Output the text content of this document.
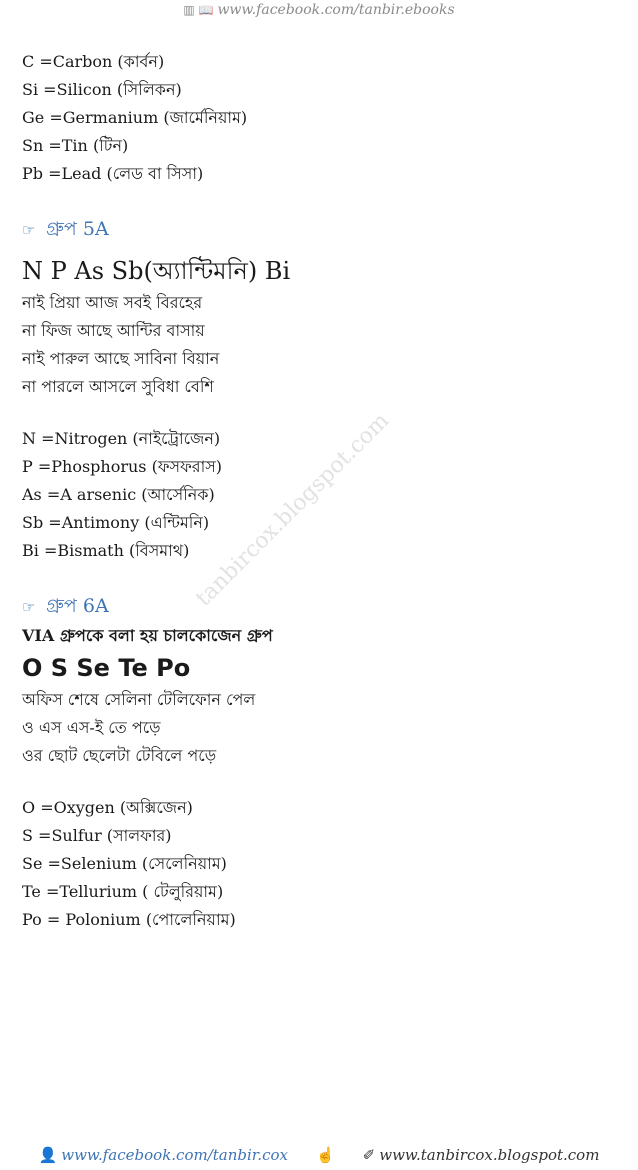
▥ 📖 www.facebook.com/tanbir.ebooks
tanbircox.blogspot.com
C =Carbon (কার্বন)
Si =Silicon (সিলিকন)
Ge =Germanium (জার্মেনিয়াম)
Sn =Tin (টিন)
Pb =Lead (লেড বা সিসা)
☞ গ্রুপ 5A
N P As Sb(অ্যান্টিমনি) Bi
নাই প্রিয়া আজ সবই বিরহের
না ফিজ আছে আন্টির বাসায়
নাই পারুল আছে সাবিনা বিয়ান
না পারলে আসলে সুবিধা বেশি
N =Nitrogen (নাইট্রোজেন)
P =Phosphorus (ফসফরাস)
As =A arsenic (আর্সেনিক)
Sb =Antimony (এন্টিমনি)
Bi =Bismath (বিসমাথ)
☞ গ্রুপ 6A
VIA গ্রুপকে বলা হয় চালকোজেন গ্রুপ
O S Se Te Po
অফিস শেষে সেলিনা টেলিফোন পেল
ও এস এস-ই তে পড়ে
ওর ছোট ছেলেটা টেবিলে পড়ে
O =Oxygen (অক্সিজেন)
S =Sulfur (সালফার)
Se =Selenium (সেলেনিয়াম)
Te =Tellurium ( টেলুরিয়াম)
Po = Polonium (পোলেনিয়াম)
👤 www.facebook.com/tanbir.cox ☝ ✐ www.tanbircox.blogspot.com
